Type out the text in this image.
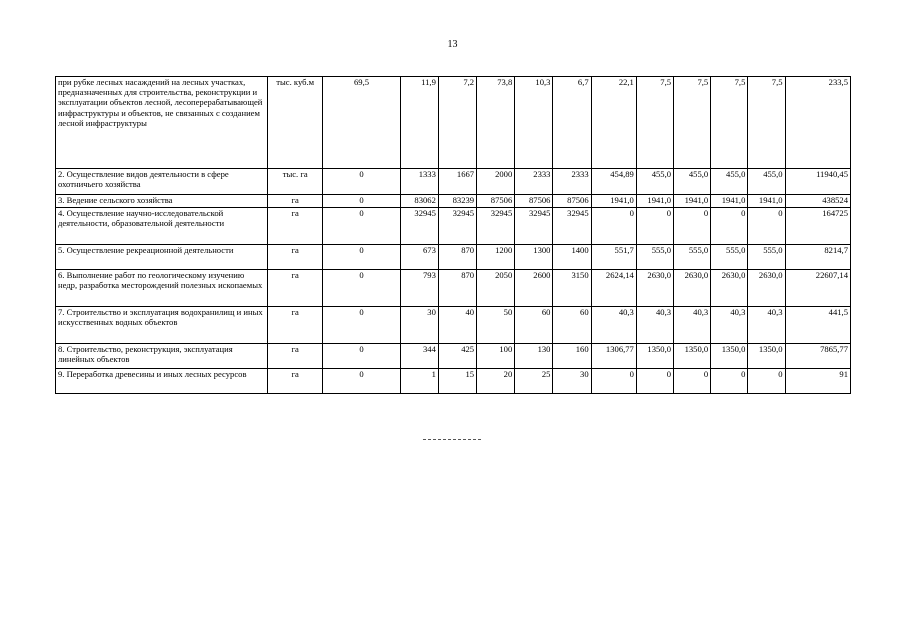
13
при рубке лесных насаждений на лесных участках, предназначенных для строительства, реконструкции и эксплуатации объектов лесной, лесоперерабатывающей инфраструктуры и объектов, не связанных с созданием лесной инфраструктуры	тыс. куб.м	69,5	11,9	7,2	73,8	10,3	6,7	22,1	7,5	7,5	7,5	7,5	233,5
2. Осуществление видов деятельности в сфере охотничьего хозяйства	тыс. га	0	1333	1667	2000	2333	2333	454,89	455,0	455,0	455,0	455,0	11940,45
3. Ведение сельского хозяйства	га	0	83062	83239	87506	87506	87506	1941,0	1941,0	1941,0	1941,0	1941,0	438524
4. Осуществление научно-исследовательской деятельности, образовательной деятельности	га	0	32945	32945	32945	32945	32945	0	0	0	0	0	164725
5. Осуществление рекреационной деятельности	га	0	673	870	1200	1300	1400	551,7	555,0	555,0	555,0	555,0	8214,7
6. Выполнение работ по геологическому изучению недр, разработка месторождений полезных ископаемых	га	0	793	870	2050	2600	3150	2624,14	2630,0	2630,0	2630,0	2630,0	22607,14
7. Строительство и эксплуатация водохранилищ и иных искусственных водных объектов	га	0	30	40	50	60	60	40,3	40,3	40,3	40,3	40,3	441,5
8. Строительство, реконструкция, эксплуатация линейных объектов	га	0	344	425	100	130	160	1306,77	1350,0	1350,0	1350,0	1350,0	7865,77
9. Переработка древесины и иных лесных ресурсов	га	0	1	15	20	25	30	0	0	0	0	0	91
